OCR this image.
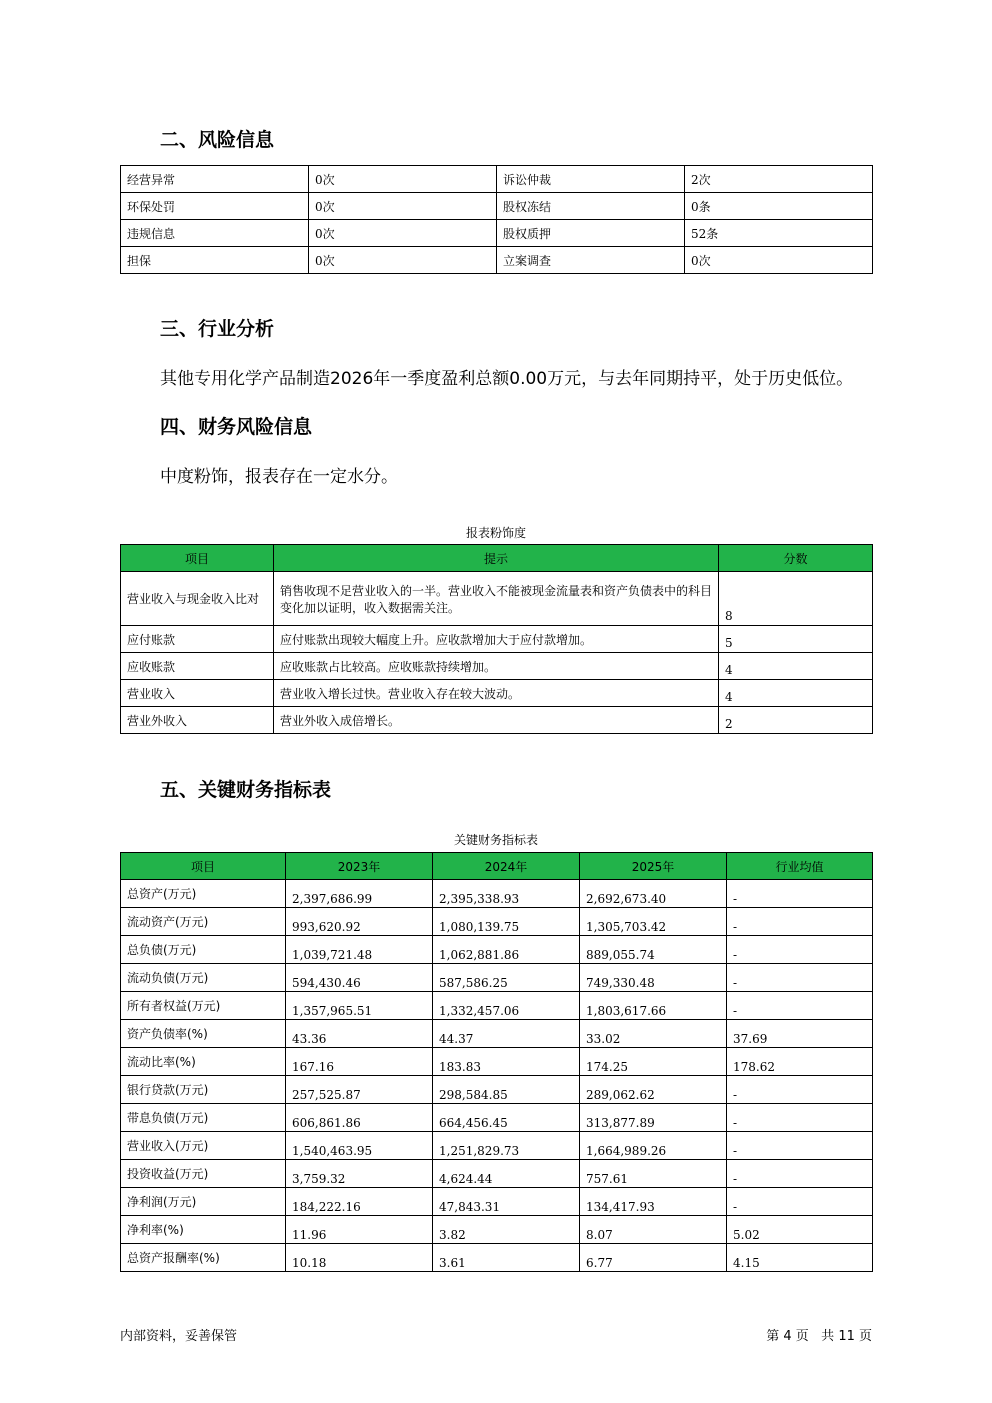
二、风险信息
经营异常	0次	诉讼仲裁	2次
环保处罚	0次	股权冻结	0条
违规信息	0次	股权质押	52条
担保	0次	立案调查	0次
三、行业分析

其他专用化学产品制造2026年一季度盈利总额0.00万元，与去年同期持平，处于历史低位。

四、财务风险信息

中度粉饰，报表存在一定水分。

报表粉饰度
项目	提示	分数
营业收入与现金收入比对	销售收现不足营业收入的一半。营业收入不能被现金流量表和资产负债表中的科目变化加以证明，收入数据需关注。	8
应付账款	应付账款出现较大幅度上升。应收款增加大于应付款增加。	5
应收账款	应收账款占比较高。应收账款持续增加。	4
营业收入	营业收入增长过快。营业收入存在较大波动。	4
营业外收入	营业外收入成倍增长。	2
五、关键财务指标表
关键财务指标表
项目	2023年	2024年	2025年	行业均值
总资产(万元)	2,397,686.99	2,395,338.93	2,692,673.40	-
流动资产(万元)	993,620.92	1,080,139.75	1,305,703.42	-
总负债(万元)	1,039,721.48	1,062,881.86	889,055.74	-
流动负债(万元)	594,430.46	587,586.25	749,330.48	-
所有者权益(万元)	1,357,965.51	1,332,457.06	1,803,617.66	-
资产负债率(%)	43.36	44.37	33.02	37.69
流动比率(%)	167.16	183.83	174.25	178.62
银行贷款(万元)	257,525.87	298,584.85	289,062.62	-
带息负债(万元)	606,861.86	664,456.45	313,877.89	-
营业收入(万元)	1,540,463.95	1,251,829.73	1,664,989.26	-
投资收益(万元)	3,759.32	4,624.44	757.61	-
净利润(万元)	184,222.16	47,843.31	134,417.93	-
净利率(%)	11.96	3.82	8.07	5.02
总资产报酬率(%)	10.18	3.61	6.77	4.15
内部资料，妥善保管	第 4 页   共 11 页
